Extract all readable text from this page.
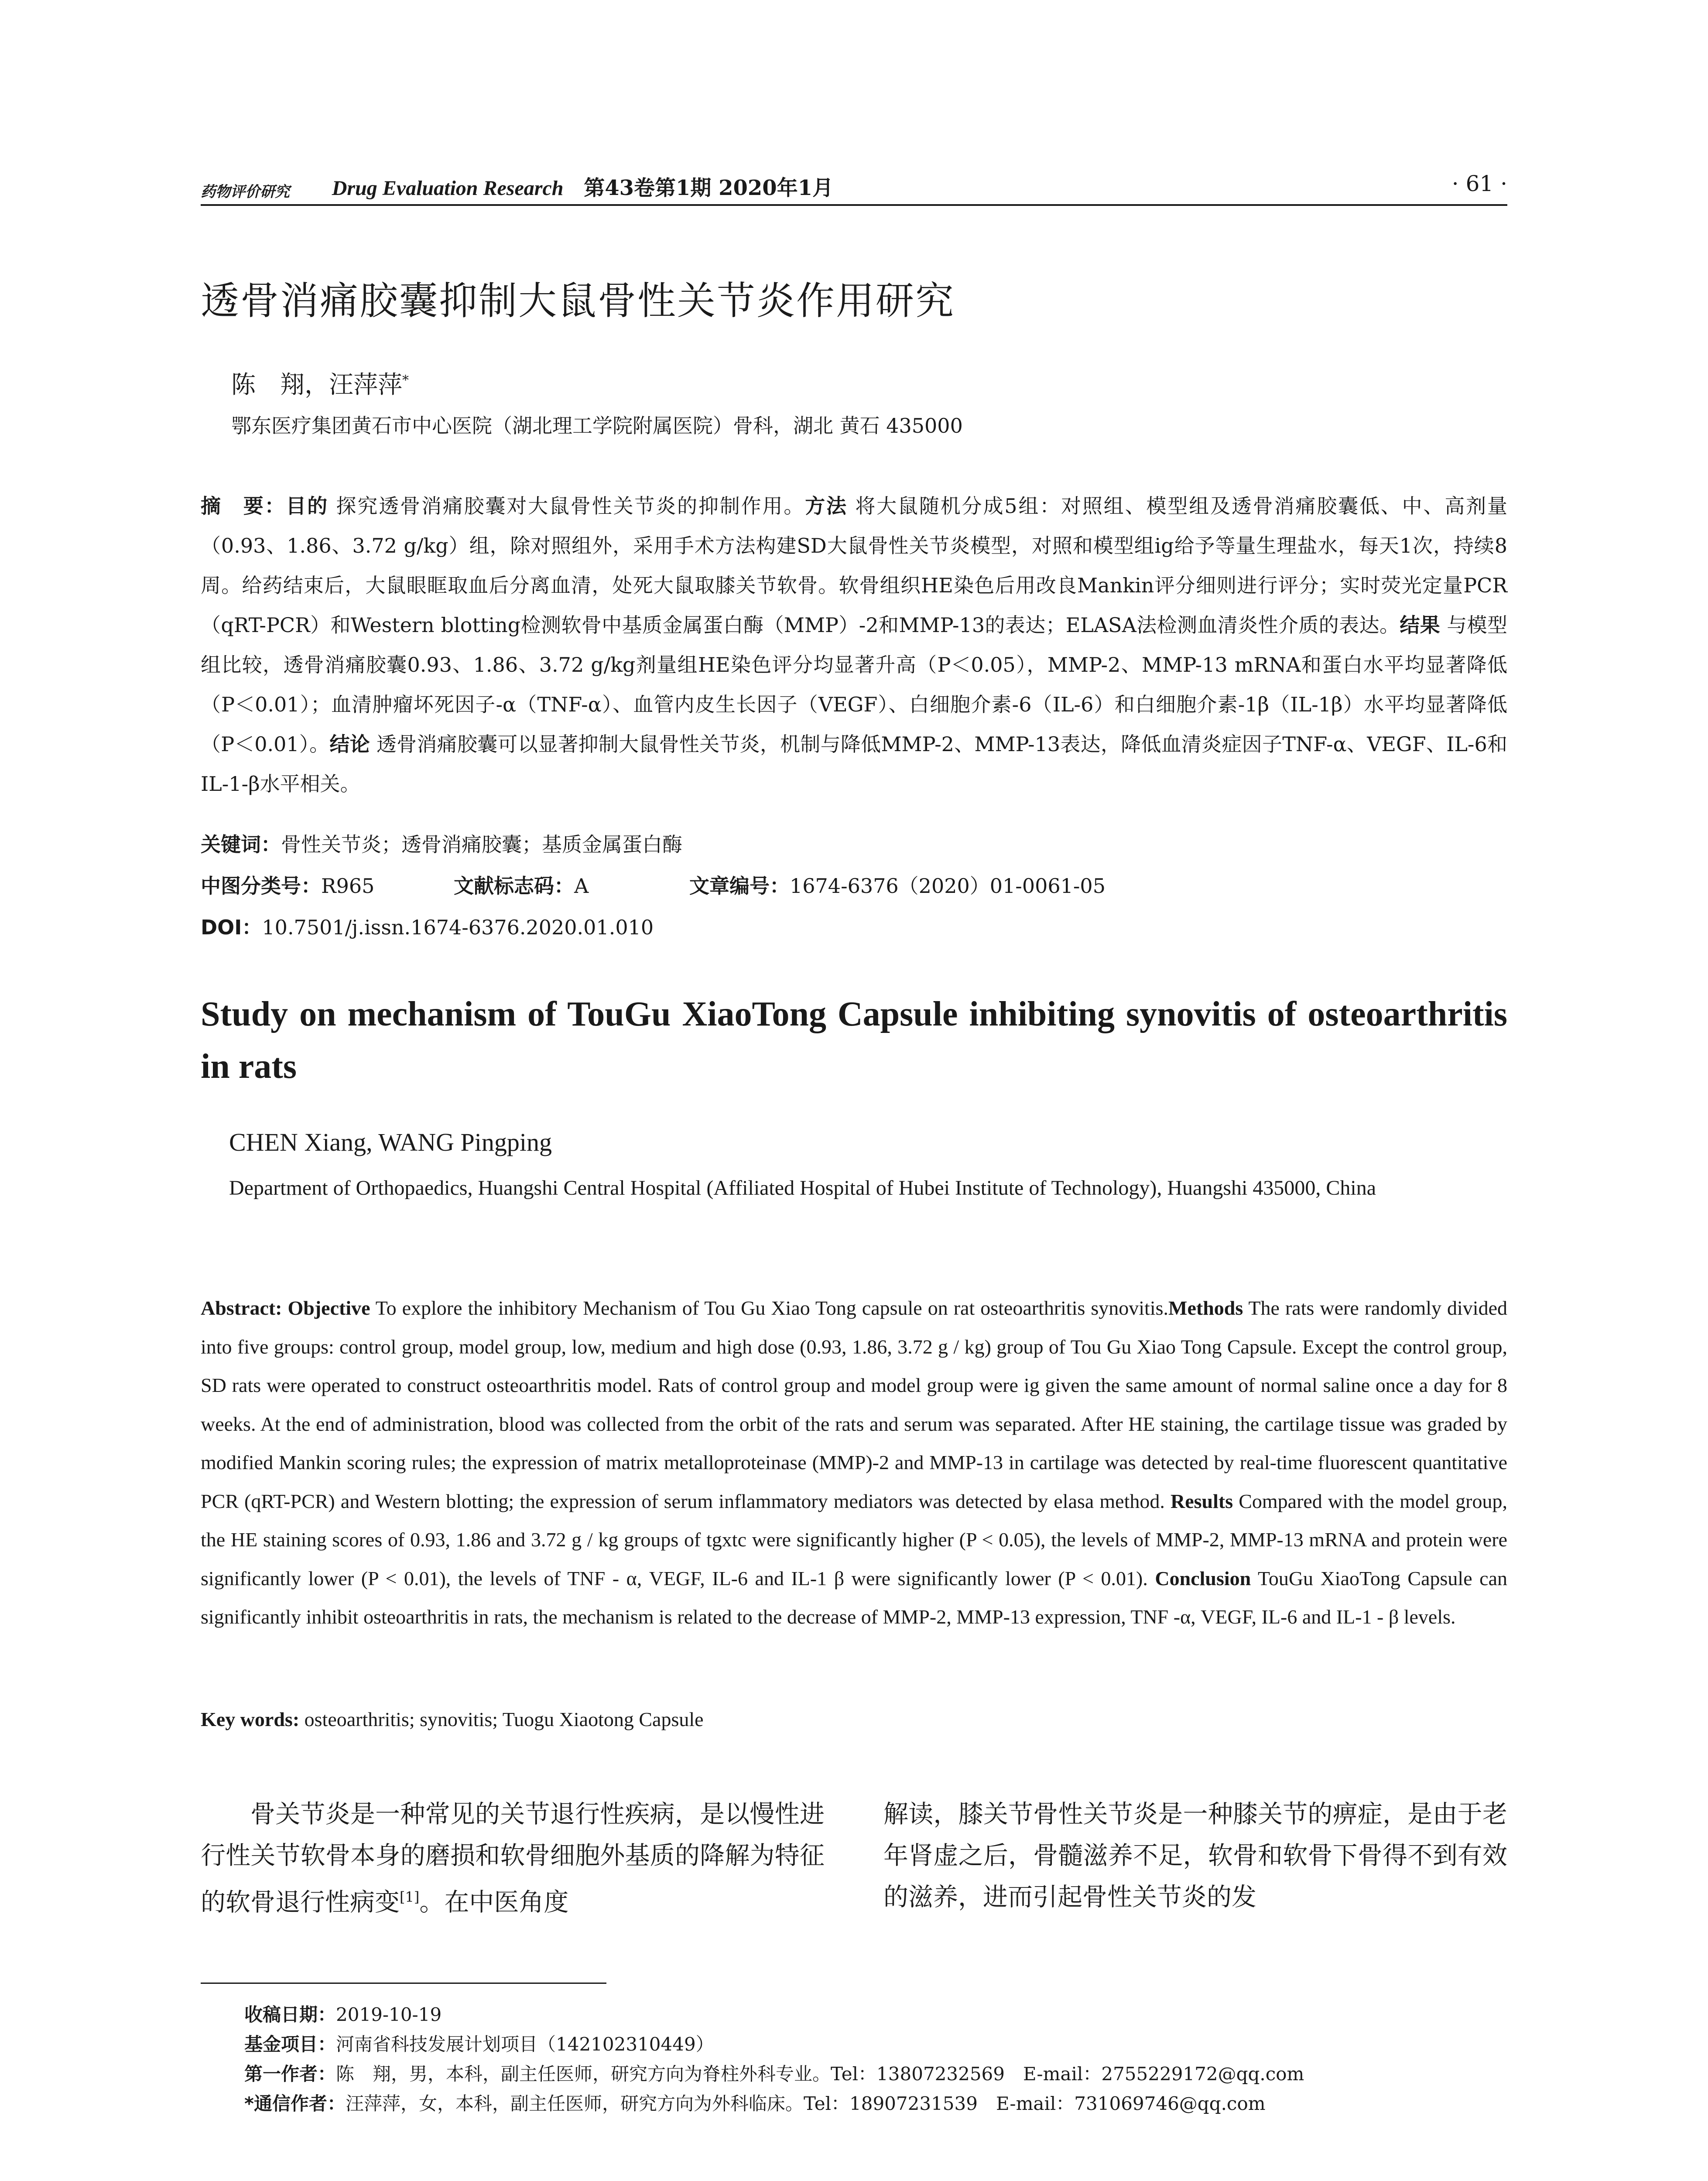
药物评价研究 Drug Evaluation Research 第43卷第1期 2020年1月	· 61 ·
透骨消痛胶囊抑制大鼠骨性关节炎作用研究
陈　翔，汪萍萍*
鄂东医疗集团黄石市中心医院（湖北理工学院附属医院）骨科，湖北 黄石 435000
摘　要：目的 探究透骨消痛胶囊对大鼠骨性关节炎的抑制作用。方法 将大鼠随机分成5组：对照组、模型组及透骨消痛胶囊低、中、高剂量（0.93、1.86、3.72 g/kg）组，除对照组外，采用手术方法构建SD大鼠骨性关节炎模型，对照和模型组ig给予等量生理盐水，每天1次，持续8周。给药结束后，大鼠眼眶取血后分离血清，处死大鼠取膝关节软骨。软骨组织HE染色后用改良Mankin评分细则进行评分；实时荧光定量PCR（qRT-PCR）和Western blotting检测软骨中基质金属蛋白酶（MMP）-2和MMP-13的表达；ELASA法检测血清炎性介质的表达。结果 与模型组比较，透骨消痛胶囊0.93、1.86、3.72 g/kg剂量组HE染色评分均显著升高（P＜0.05），MMP-2、MMP-13 mRNA和蛋白水平均显著降低（P＜0.01）；血清肿瘤坏死因子-α（TNF-α）、血管内皮生长因子（VEGF）、白细胞介素-6（IL-6）和白细胞介素-1β（IL-1β）水平均显著降低（P＜0.01）。结论 透骨消痛胶囊可以显著抑制大鼠骨性关节炎，机制与降低MMP-2、MMP-13表达，降低血清炎症因子TNF-α、VEGF、IL-6和IL-1-β水平相关。
关键词：骨性关节炎；透骨消痛胶囊；基质金属蛋白酶
中图分类号：R965	文献标志码：A	文章编号：1674-6376（2020）01-0061-05
DOI：10.7501/j.issn.1674-6376.2020.01.010
Study on mechanism of TouGu XiaoTong Capsule inhibiting synovitis of osteoarthritis in rats
CHEN Xiang, WANG Pingping
Department of Orthopaedics, Huangshi Central Hospital (Affiliated Hospital of Hubei Institute of Technology), Huangshi 435000, China
Abstract: Objective To explore the inhibitory Mechanism of Tou Gu Xiao Tong capsule on rat osteoarthritis synovitis.Methods The rats were randomly divided into five groups: control group, model group, low, medium and high dose (0.93, 1.86, 3.72 g / kg) group of Tou Gu Xiao Tong Capsule. Except the control group, SD rats were operated to construct osteoarthritis model. Rats of control group and model group were ig given the same amount of normal saline once a day for 8 weeks. At the end of administration, blood was collected from the orbit of the rats and serum was separated. After HE staining, the cartilage tissue was graded by modified Mankin scoring rules; the expression of matrix metalloproteinase (MMP)-2 and MMP-13 in cartilage was detected by real-time fluorescent quantitative PCR (qRT-PCR) and Western blotting; the expression of serum inflammatory mediators was detected by elasa method. Results Compared with the model group, the HE staining scores of 0.93, 1.86 and 3.72 g / kg groups of tgxtc were significantly higher (P < 0.05), the levels of MMP-2, MMP-13 mRNA and protein were significantly lower (P < 0.01), the levels of TNF - α, VEGF, IL-6 and IL-1 β were significantly lower (P < 0.01). Conclusion TouGu XiaoTong Capsule can significantly inhibit osteoarthritis in rats, the mechanism is related to the decrease of MMP-2, MMP-13 expression, TNF -α, VEGF, IL-6 and IL-1 - β levels.
Key words: osteoarthritis; synovitis; Tuogu Xiaotong Capsule
骨关节炎是一种常见的关节退行性疾病，是以慢性进行性关节软骨本身的磨损和软骨细胞外基质的降解为特征的软骨退行性病变[1]。在中医角度
解读，膝关节骨性关节炎是一种膝关节的痹症，是由于老年肾虚之后，骨髓滋养不足，软骨和软骨下骨得不到有效的滋养，进而引起骨性关节炎的发
收稿日期：2019-10-19
基金项目：河南省科技发展计划项目（142102310449）
第一作者：陈　翔，男，本科，副主任医师，研究方向为脊柱外科专业。Tel：13807232569　E-mail：2755229172@qq.com
*通信作者：汪萍萍，女，本科，副主任医师，研究方向为外科临床。Tel：18907231539　E-mail：731069746@qq.com
